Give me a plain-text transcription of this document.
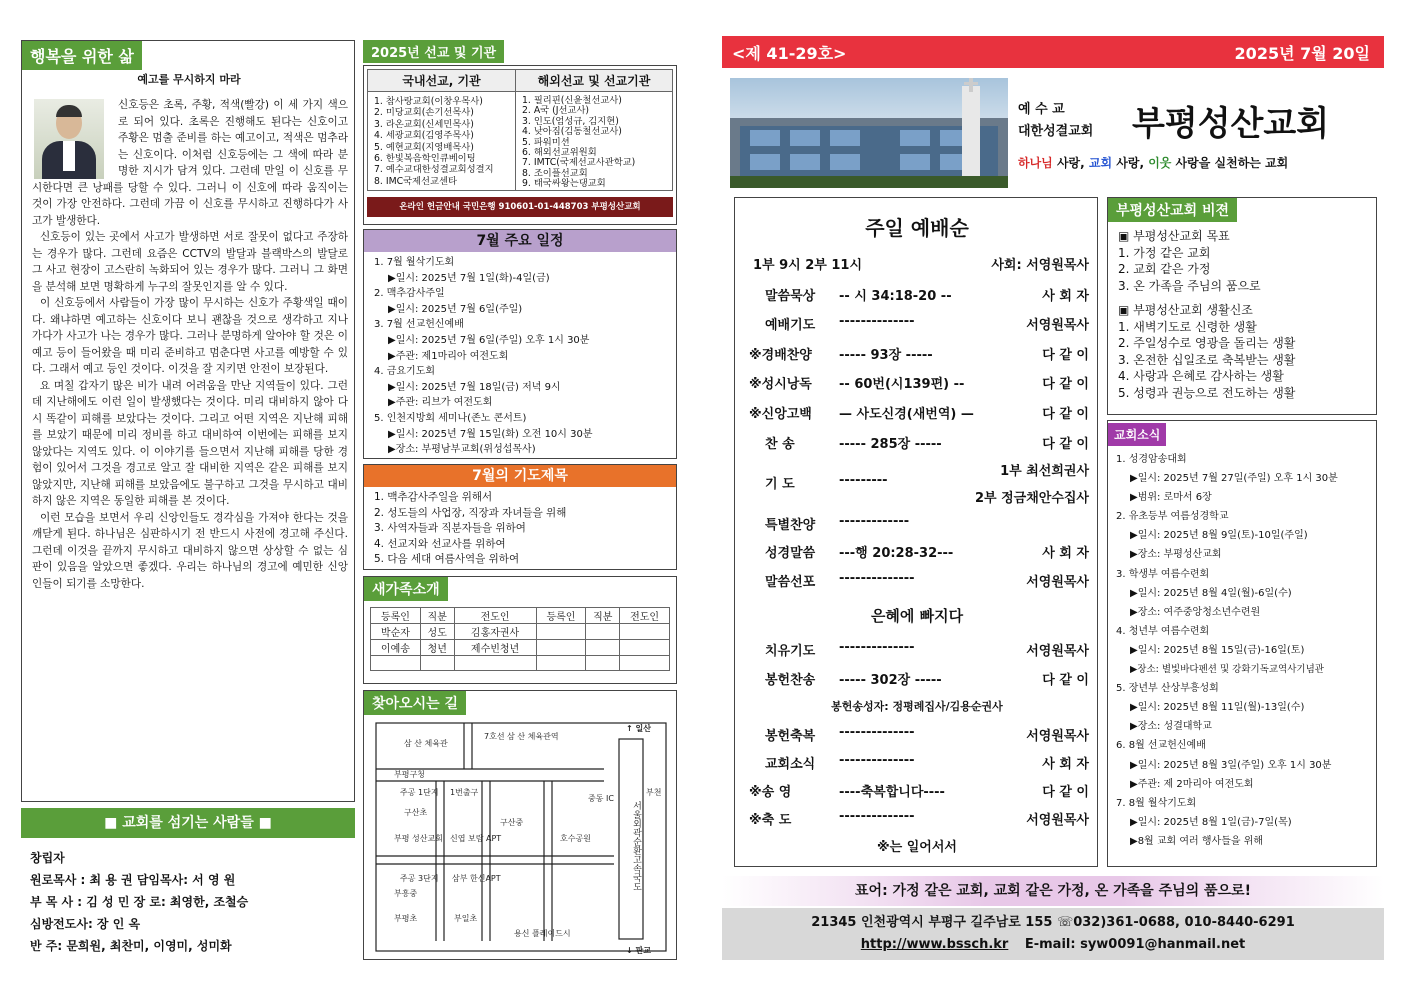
행복을 위한 삶
예고를 무시하지 마라
신호등은 초록, 주황, 적색(빨강) 이 세 가지 색으로 되어 있다. 초록은 진행해도 된다는 신호이고 주황은 멈출 준비를 하는 예고이고, 적색은 멈추라는 신호이다. 이처럼 신호등에는 그 색에 따라 분명한 지시가 담겨 있다. 그런데 만일 이 신호를 무시한다면 큰 낭패를 당할 수 있다. 그러니 이 신호에 따라 움직이는 것이 가장 안전하다. 그런데 가끔 이 신호를 무시하고 진행하다가 사고가 발생한다.
신호등이 있는 곳에서 사고가 발생하면 서로 잘못이 없다고 주장하는 경우가 많다. 그런데 요즘은 CCTV의 발달과 블랙박스의 발달로 그 사고 현장이 고스란히 녹화되어 있는 경우가 많다. 그러니 그 화면을 분석해 보면 명확하게 누구의 잘못인지를 알 수 있다.
이 신호등에서 사람들이 가장 많이 무시하는 신호가 주황색일 때이다. 왜냐하면 예고하는 신호이다 보니 괜찮을 것으로 생각하고 지나가다가 사고가 나는 경우가 많다. 그러나 분명하게 알아야 할 것은 이 예고 등이 들어왔을 때 미리 준비하고 멈춘다면 사고를 예방할 수 있다. 그래서 예고 등인 것이다. 이것을 잘 지키면 안전이 보장된다.
요 며칠 갑자기 많은 비가 내려 어려움을 만난 지역들이 있다. 그런데 지난해에도 이런 일이 발생했다는 것이다. 미리 대비하지 않아 다시 똑같이 피해를 보았다는 것이다. 그리고 어떤 지역은 지난해 피해를 보았기 때문에 미리 정비를 하고 대비하여 이번에는 피해를 보지 않았다는 지역도 있다. 이 이야기를 들으면서 지난해 피해를 당한 경험이 있어서 그것을 경고로 알고 잘 대비한 지역은 같은 피해를 보지 않았지만, 지난해 피해를 보았음에도 불구하고 그것을 무시하고 대비하지 않은 지역은 동일한 피해를 본 것이다.
이런 모습을 보면서 우리 신앙인들도 경각심을 가져야 한다는 것을 깨닫게 된다. 하나님은 심판하시기 전 반드시 사전에 경고해 주신다. 그런데 이것을 끝까지 무시하고 대비하지 않으면 상상할 수 없는 심판이 있음을 알았으면 좋겠다. 우리는 하나님의 경고에 예민한 신앙인들이 되기를 소망한다.
■ 교회를 섬기는 사람들 ■
창립자
원로목사 : 최 용 권 담임목사: 서 영 원
부 목 사 : 김 성 민 장 로: 최영한, 조철승
심방전도사: 장 인 옥
반 주: 문희원, 최찬미, 이영미, 성미화
2025년 선교 및 기관
국내선교, 기관
1. 참사랑교회(이창우목사)
2. 미당교회(손기선목사)
3. 라온교회(신세민목사)
4. 세광교회(김영주목사)
5. 예현교회(지영배목사)
6. 한빛복음학인큐베이팅
7. 예수교대한성결교회성결지
8. IMC국제선교센타
해외선교 및 선교기관
1. 필리핀(신윤철선교사)
2. A국 (J선교사)
3. 인도(엄성규, 김지현)
4. 낮아짐(김동철선교사)
5. 파워미션
6. 해외선교위원회
7. IMTC(국제선교사관학교)
8. 조이플선교회
9. 태국싸왕는댕교회
온라인 헌금안내 국민은행 910601-01-448703 부평성산교회
7월 주요 일정
1. 7월 월삭기도회
▶일시: 2025년 7월 1일(화)-4일(금)
2. 맥추감사주일
▶일시: 2025년 7월 6일(주일)
3. 7월 선교헌신예배
▶일시: 2025년 7월 6일(주일) 오후 1시 30분
▶주관: 제1마리아 여전도회
4. 금요기도회
▶일시: 2025년 7월 18일(금) 저녁 9시
▶주관: 리브가 여전도회
5. 인천지방회 세미나(존노 콘서트)
▶일시: 2025년 7월 15일(화) 오전 10시 30분
▶장소: 부평남부교회(위성섭목사)
7월의 기도제목
1. 맥추감사주일을 위해서
2. 성도들의 사업장, 직장과 자녀들을 위해
3. 사역자들과 직분자들을 위하여
4. 선교지와 선교사를 위하여
5. 다음 세대 여름사역을 위하여
새가족소개
등록인	직분	전도인	등록인	직분	전도인
박순자	성도	김홍자권사			
이예송	청년	제수빈청년			

찾아오시는 길
삼 산 체육관
7호선 삼 산 체육관역
부평구청
↑ 일산
주공 1단지
구산초
1번출구
구산중
중동 IC
부천
신엽 보람 APT	호수공원
부평 성산교회
주공 3단지
부흥중
삼부 한신APT
부평초	부일초
용신 플레이드시
↓ 판교
서울외곽순환고속국도
<제 41-29호>	2025년 7월 20일
예 수 교
대한성결교회 부평성산교회
하나님 사랑, 교회 사랑, 이웃 사랑을 실천하는 교회
주일 예배순
1부 9시 2부 11시	사회: 서영원목사
말씀묵상 -- 시 34:18-20 --	사 회 자
예배기도 --------------	서영원목사
※경배찬양 ----- 93장 -----	다 같 이
※성시낭독 -- 60번(시139편) --	다 같 이
※신앙고백 — 사도신경(새번역) —	다 같 이
찬 송	----- 285장 -----	다 같 이
기 도	---------
1부 최선희권사
2부 정금채안수집사
특별찬양 -------------
성경말씀 ---행 20:28-32---	사 회 자
말씀선포 --------------	서영원목사
은혜에 빠지다
치유기도 --------------	서영원목사
봉헌찬송 ----- 302장 -----	다 같 이
봉헌송성자: 정평례집사/김용순권사
봉헌축복 --------------	서영원목사
교회소식 --------------	사 회 자
※송 영	----축복합니다----	다 같 이
※축 도	--------------	서영원목사
※는 일어서서
부평성산교회 비젼
▣ 부평성산교회 목표
1. 가정 같은 교회
2. 교회 같은 가정
3. 온 가족을 주님의 품으로
▣ 부평성산교회 생활신조
1. 새벽기도로 신령한 생활
2. 주일성수로 영광을 돌리는 생활
3. 온전한 십일조로 축복받는 생활
4. 사랑과 은혜로 감사하는 생활
5. 성령과 권능으로 전도하는 생활
교회소식
1. 성경암송대회
▶일시: 2025년 7월 27일(주일) 오후 1시 30분
▶범위: 로마서 6장
2. 유초등부 여름성경학교
▶일시: 2025년 8월 9일(토)-10일(주일)
▶장소: 부평성산교회
3. 학생부 여름수련회
▶일시: 2025년 8월 4일(월)-6일(수)
▶장소: 여주중앙청소년수련원
4. 청년부 여름수련회
▶일시: 2025년 8월 15일(금)-16일(토)
▶장소: 별빛바다펜션 및 강화기독교역사기념관
5. 장년부 산상부흥성회
▶일시: 2025년 8월 11일(월)-13일(수)
▶장소: 성결대학교
6. 8월 선교헌신예배
▶일시: 2025년 8월 3일(주일) 오후 1시 30분
▶주관: 제 2마리아 여전도회
7. 8월 월삭기도회
▶일시: 2025년 8월 1일(금)-7일(목)
▶8월 교회 여러 행사들을 위해
표어: 가정 같은 교회, 교회 같은 가정, 온 가족을 주님의 품으로!
21345 인천광역시 부평구 길주남로 155 ☏032)361-0688, 010-8440-6291
http://www.bssch.kr E-mail: syw0091@hanmail.net
